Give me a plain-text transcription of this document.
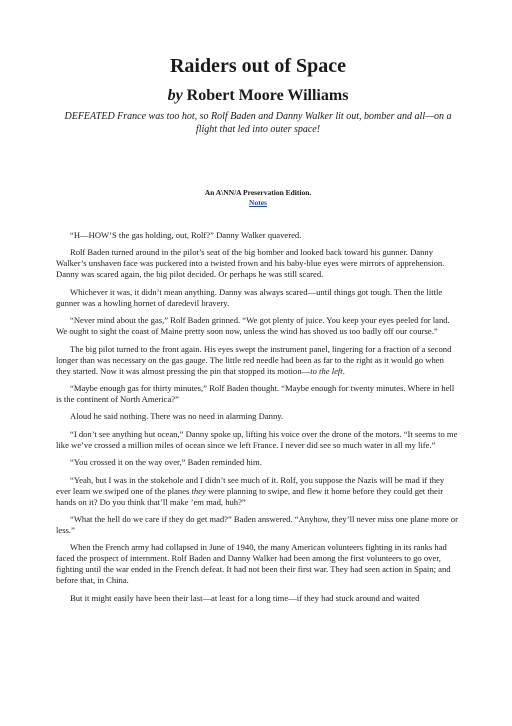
Raiders out of Space
by Robert Moore Williams
DEFEATED France was too hot, so Rolf Baden and Danny Walker lit out, bomber and all—on a flight that led into outer space!
An A\NN/A Preservation Edition.
Notes

“H—HOW’S the gas holding, out, Rolf?” Danny Walker quavered.

Rolf Baden turned around in the pilot’s seat of the big bomber and looked back toward his gunner. Danny Walker’s unshaven face was puckered into a twisted frown and his baby-blue eyes were mirrors of apprehension. Danny was scared again, the big pilot decided. Or perhaps he was still scared.

Whichever it was, it didn’t mean anything. Danny was always scared—until things got tough. Then the little gunner was a howling hornet of daredevil bravery.

“Never mind about the gas,” Rolf Baden grinned. “We got plenty of juice. You keep your eyes peeled for land. We ought to sight the coast of Maine pretty soon now, unless the wind has shoved us too badly off our course.”

The big pilot turned to the front again. His eyes swept the instrument panel, lingering for a fraction of a second longer than was necessary on the gas gauge. The little red needle had been as far to the right as it would go when they started. Now it was almost pressing the pin that stopped its motion—to the left.

“Maybe enough gas for thirty minutes,” Rolf Baden thought. “Maybe enough for twenty minutes. Where in hell is the continent of North America?”

Aloud he said nothing. There was no need in alarming Danny.

“I don’t see anything but ocean,” Danny spoke up, lifting his voice over the drone of the motors. “It seems to me like we’ve crossed a million miles of ocean since we left France. I never did see so much water in all my life.”

“You crossed it on the way over,” Baden reminded him.

“Yeah, but I was in the stokehole and I didn’t see much of it. Rolf, you suppose the Nazis will be mad if they ever learn we swiped one of the planes they were planning to swipe, and flew it home before they could get their hands on it? Do you think that’ll make ’em mad, huh?”

“What the hell do we care if they do get mad?” Baden answered. “Anyhow, they’ll never miss one plane more or less.”

When the French army had collapsed in June of 1940, the many American volunteers fighting in its ranks had faced the prospect of internment. Rolf Baden and Danny Walker had been among the first volunteers to go over, fighting until the war ended in the French defeat. It had not been their first war. They had seen action in Spain; and before that, in China.

But it might easily have been their last—at least for a long time—if they had stuck around and waited
